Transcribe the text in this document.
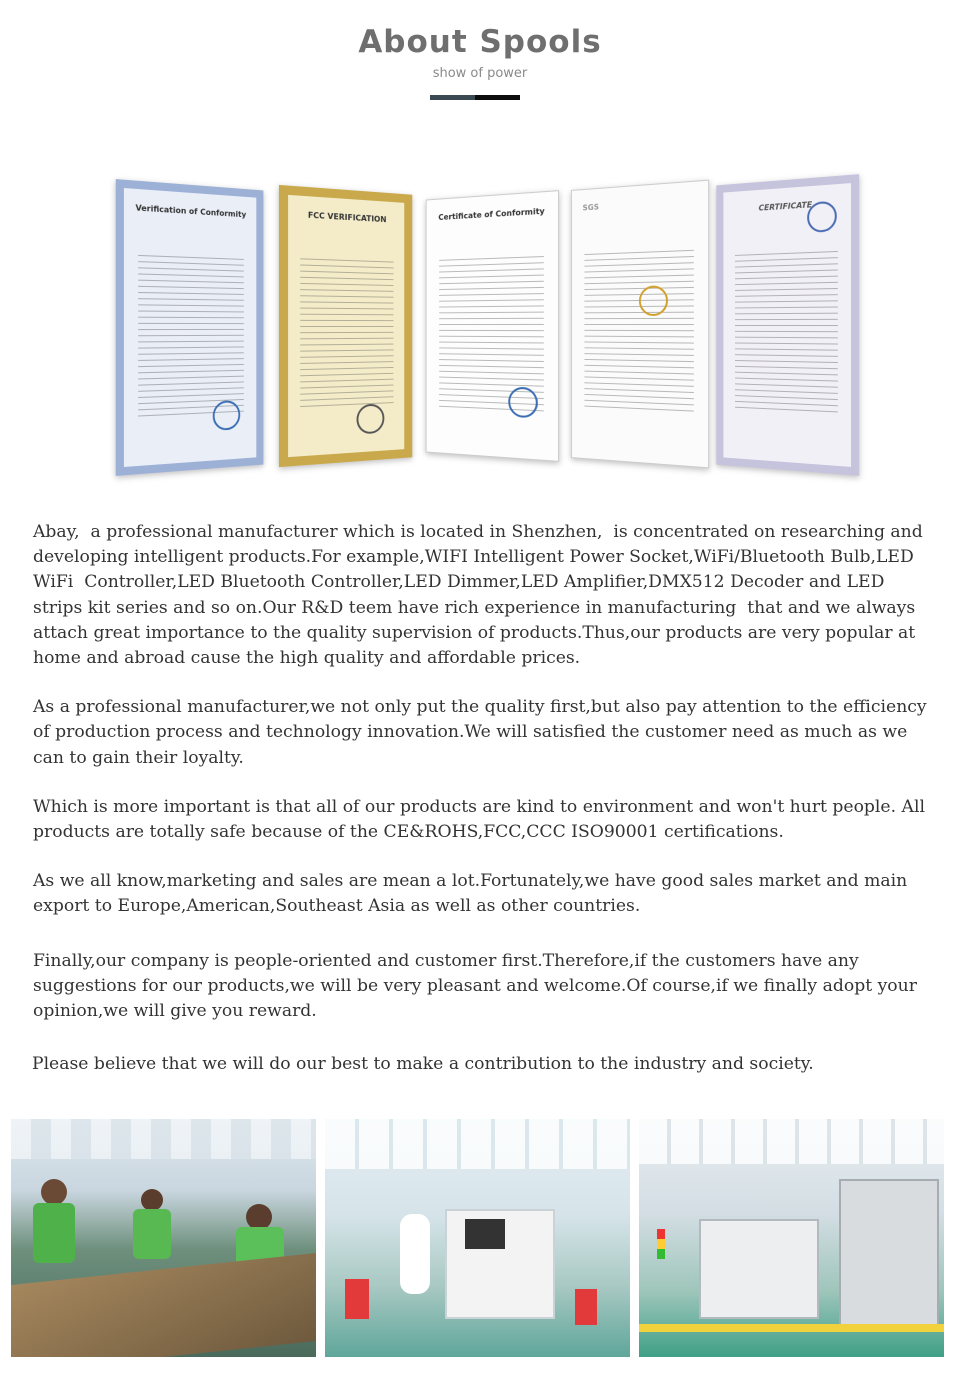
About Spools
show of power
Verification of Conformity	FCC VERIFICATION	Certificate of Conformity	SGS	CERTIFICATE

Abay,  a professional manufacturer which is located in Shenzhen,  is concentrated on researching and developing intelligent products.For example,WIFI Intelligent Power Socket,WiFi/Bluetooth Bulb,LED WiFi  Controller,LED Bluetooth Controller,LED Dimmer,LED Amplifier,DMX512 Decoder and LED strips kit series and so on.Our R&D teem have rich experience in manufacturing  that and we always attach great importance to the quality supervision of products.Thus,our products are very popular at home and abroad cause the high quality and affordable prices.

As a professional manufacturer,we not only put the quality first,but also pay attention to the efficiency of production process and technology innovation.We will satisfied the customer need as much as we can to gain their loyalty.

Which is more important is that all of our products are kind to environment and won't hurt people. All products are totally safe because of the CE&ROHS,FCC,CCC ISO90001 certifications.

As we all know,marketing and sales are mean a lot.Fortunately,we have good sales market and main  export to Europe,American,Southeast Asia as well as other countries.

Finally,our company is people-oriented and customer first.Therefore,if the customers have any suggestions for our products,we will be very pleasant and welcome.Of course,if we finally adopt your opinion,we will give you reward.

Please believe that we will do our best to make a contribution to the industry and society.
